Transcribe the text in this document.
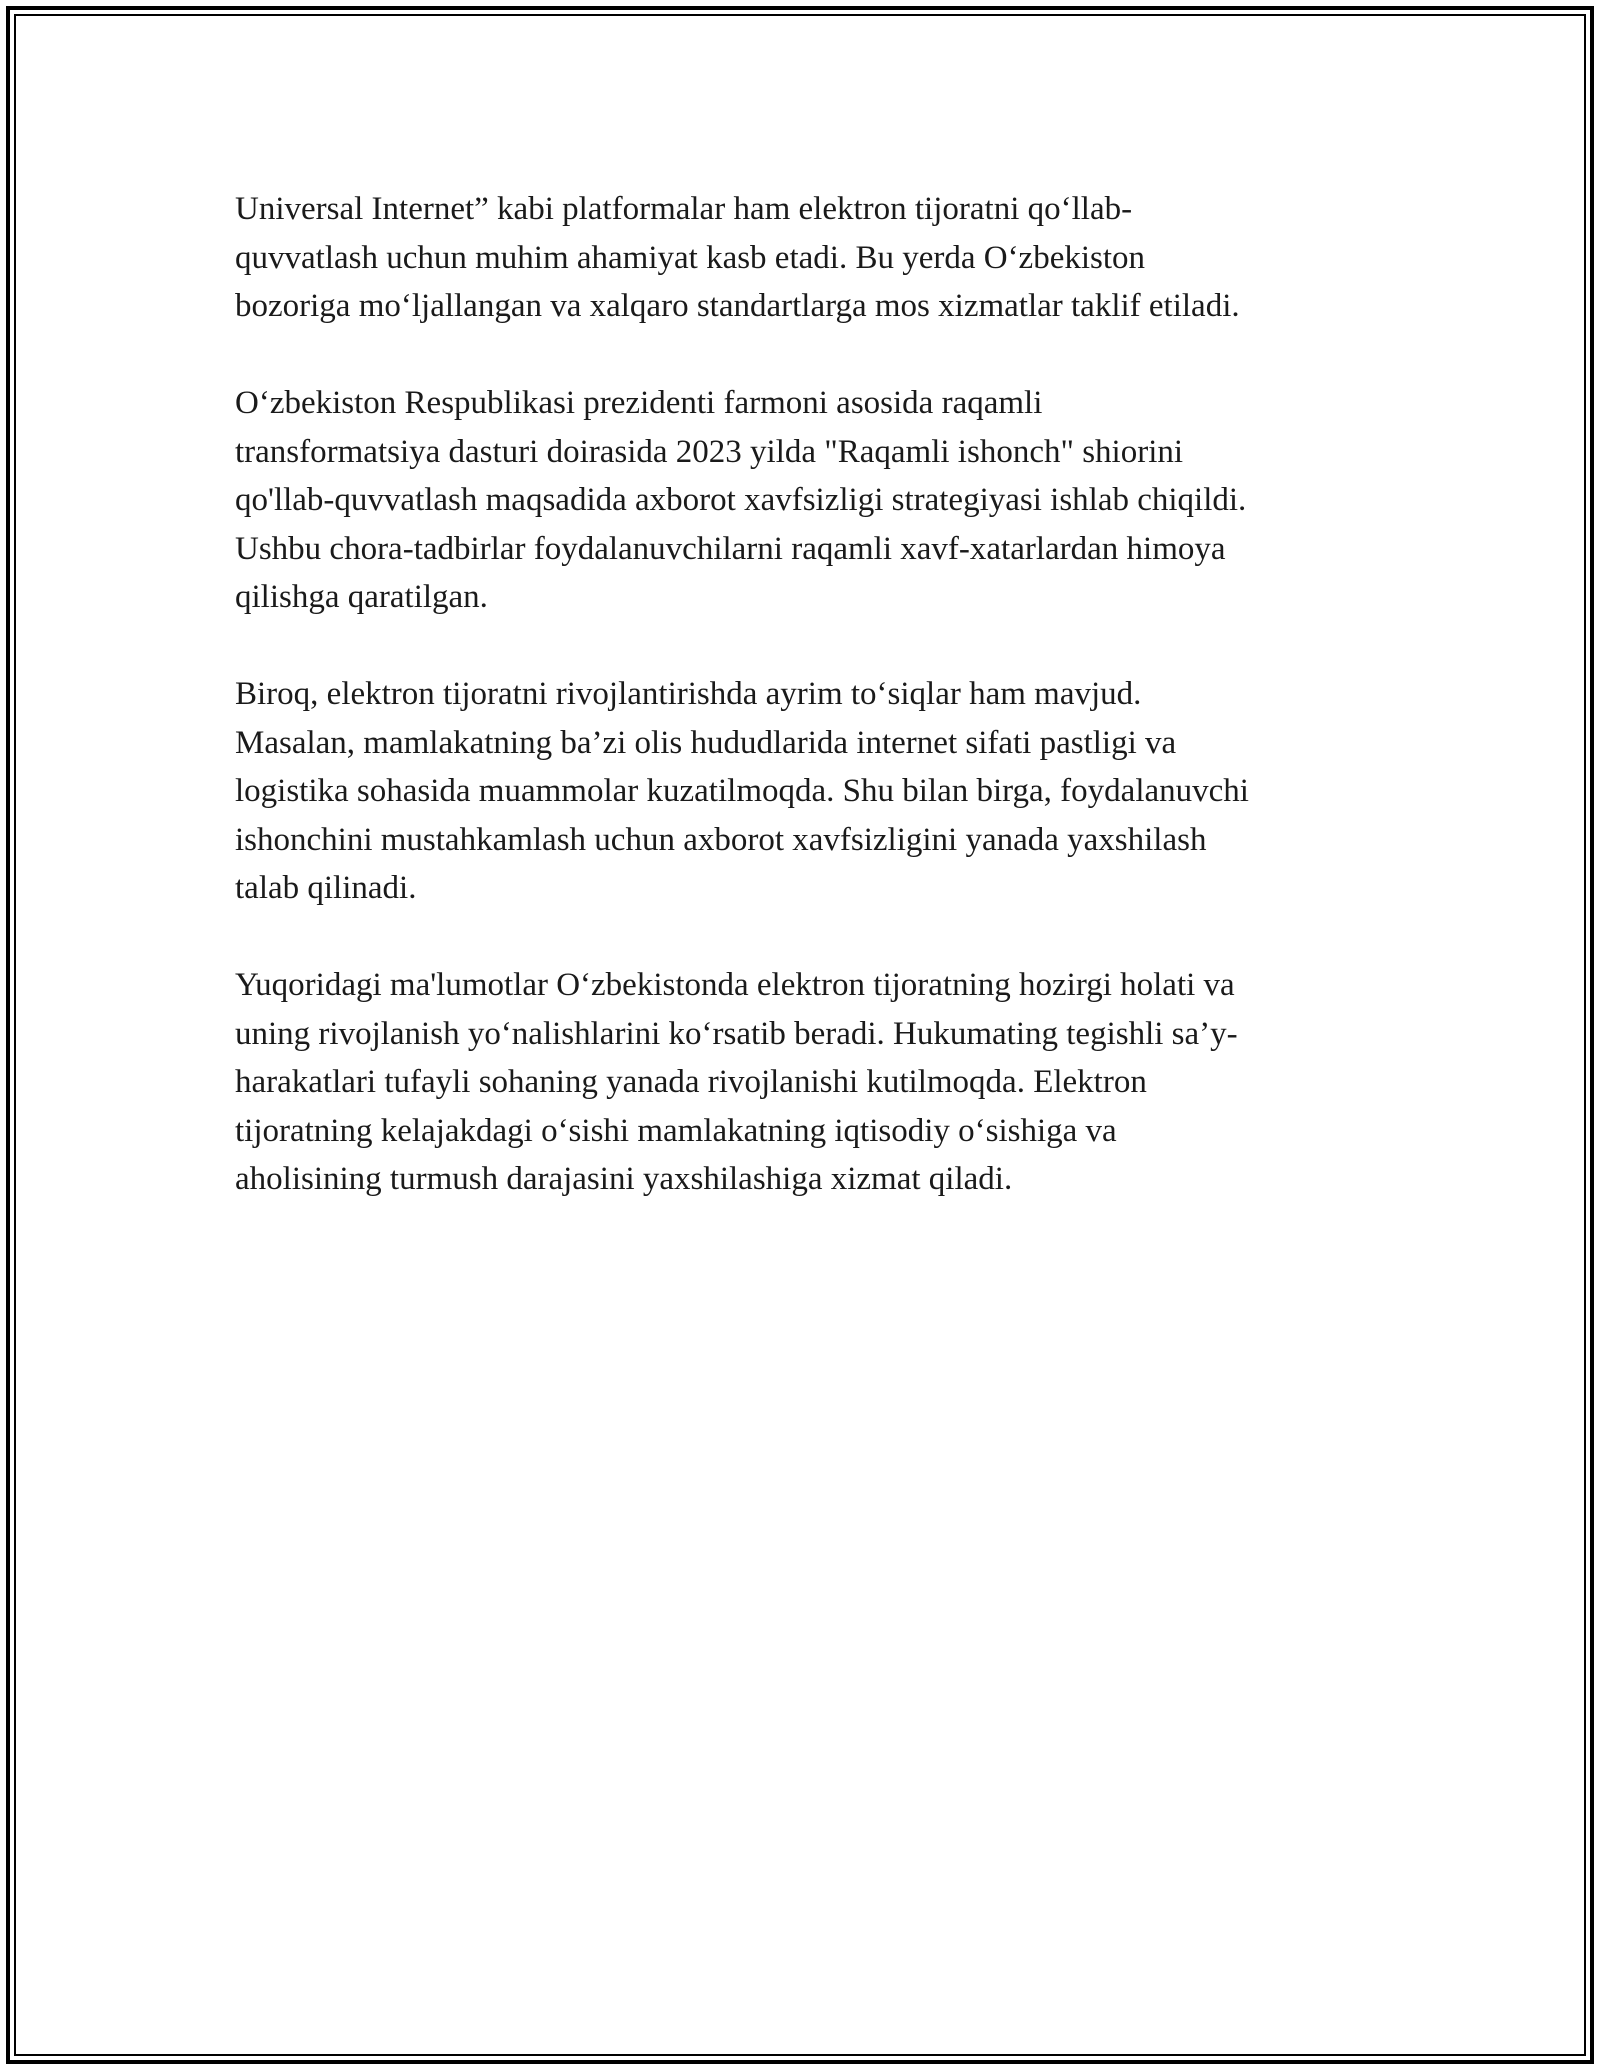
Universal Internet” kabi platformalar ham elektron tijoratni qo‘llab-
quvvatlash uchun muhim ahamiyat kasb etadi. Bu yerda O‘zbekiston
bozoriga mo‘ljallangan va xalqaro standartlarga mos xizmatlar taklif etiladi.

O‘zbekiston Respublikasi prezidenti farmoni asosida raqamli
transformatsiya dasturi doirasida 2023 yilda "Raqamli ishonch" shiorini
qo'llab-quvvatlash maqsadida axborot xavfsizligi strategiyasi ishlab chiqildi.
Ushbu chora-tadbirlar foydalanuvchilarni raqamli xavf-xatarlardan himoya
qilishga qaratilgan.

Biroq, elektron tijoratni rivojlantirishda ayrim to‘siqlar ham mavjud.
Masalan, mamlakatning ba’zi olis hududlarida internet sifati pastligi va
logistika sohasida muammolar kuzatilmoqda. Shu bilan birga, foydalanuvchi
ishonchini mustahkamlash uchun axborot xavfsizligini yanada yaxshilash
talab qilinadi.

Yuqoridagi ma'lumotlar O‘zbekistonda elektron tijoratning hozirgi holati va
uning rivojlanish yo‘nalishlarini ko‘rsatib beradi. Hukumating tegishli sa’y-
harakatlari tufayli sohaning yanada rivojlanishi kutilmoqda. Elektron
tijoratning kelajakdagi o‘sishi mamlakatning iqtisodiy o‘sishiga va
aholisining turmush darajasini yaxshilashiga xizmat qiladi.
